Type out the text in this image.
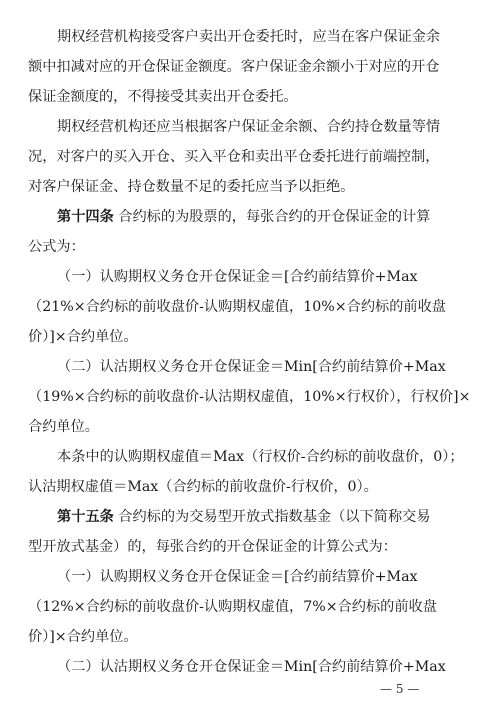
期权经营机构接受客户卖出开仓委托时，应当在客户保证金余
额中扣减对应的开仓保证金额度。客户保证金余额小于对应的开仓
保证金额度的，不得接受其卖出开仓委托。
期权经营机构还应当根据客户保证金余额、合约持仓数量等情
况，对客户的买入开仓、买入平仓和卖出平仓委托进行前端控制，
对客户保证金、持仓数量不足的委托应当予以拒绝。
第十四条 合约标的为股票的，每张合约的开仓保证金的计算
公式为：
（一）认购期权义务仓开仓保证金＝[合约前结算价+Max
（21%×合约标的前收盘价-认购期权虚值，10%×合约标的前收盘
价）]×合约单位。
（二）认沽期权义务仓开仓保证金＝Min[合约前结算价+Max
（19%×合约标的前收盘价-认沽期权虚值，10%×行权价），行权价]×
合约单位。
本条中的认购期权虚值＝Max（行权价-合约标的前收盘价，0）；
认沽期权虚值＝Max（合约标的前收盘价-行权价，0）。
第十五条 合约标的为交易型开放式指数基金（以下简称交易
型开放式基金）的，每张合约的开仓保证金的计算公式为：
（一）认购期权义务仓开仓保证金＝[合约前结算价+Max
（12%×合约标的前收盘价-认购期权虚值，7%×合约标的前收盘
价）]×合约单位。
（二）认沽期权义务仓开仓保证金＝Min[合约前结算价+Max
— 5 —
